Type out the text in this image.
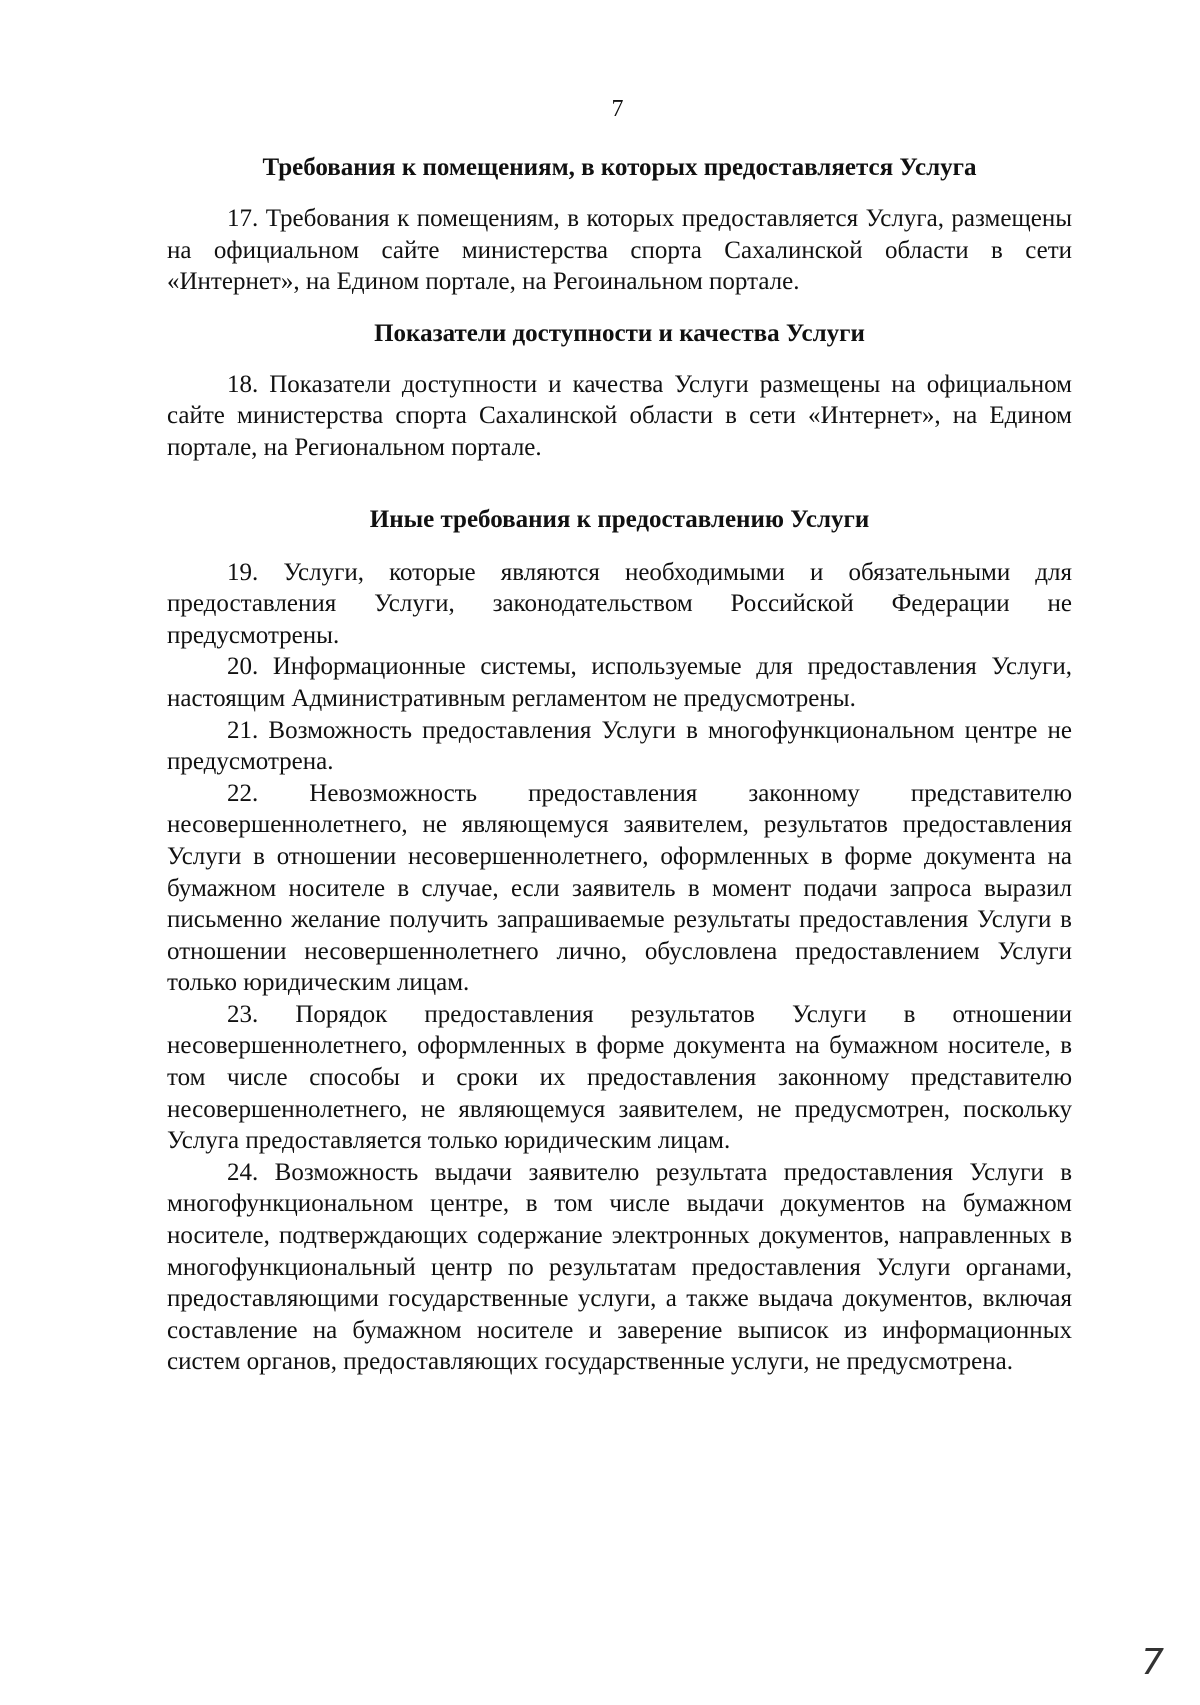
7
Требования к помещениям, в которых предоставляется Услуга

17. Требования к помещениям, в которых предоставляется Услуга, размещены на официальном сайте министерства спорта Сахалинской области в сети «Интернет», на Едином портале, на Регоинальном портале.

Показатели доступности и качества Услуги

18. Показатели доступности и качества Услуги размещены на официальном сайте министерства спорта Сахалинской области в сети «Интернет», на Едином портале, на Региональном портале.

Иные требования к предоставлению Услуги

19. Услуги, которые являются необходимыми и обязательными для предоставления Услуги, законодательством Российской Федерации не предусмотрены.

20. Информационные системы, используемые для предоставления Услуги, настоящим Административным регламентом не предусмотрены.

21. Возможность предоставления Услуги в многофункциональном центре не предусмотрена.

22. Невозможность предоставления законному представителю несовершеннолетнего, не являющемуся заявителем, результатов предоставления Услуги в отношении несовершеннолетнего, оформленных в форме документа на бумажном носителе в случае, если заявитель в момент подачи запроса выразил письменно желание получить запрашиваемые результаты предоставления Услуги в отношении несовершеннолетнего лично, обусловлена предоставлением Услуги только юридическим лицам.

23. Порядок предоставления результатов Услуги в отношении несовершеннолетнего, оформленных в форме документа на бумажном носителе, в том числе способы и сроки их предоставления законному представителю несовершеннолетнего, не являющемуся заявителем, не предусмотрен, поскольку Услуга предоставляется только юридическим лицам.

24. Возможность выдачи заявителю результата предоставления Услуги в многофункциональном центре, в том числе выдачи документов на бумажном носителе, подтверждающих содержание электронных документов, направленных в многофункциональный центр по результатам предоставления Услуги органами, предоставляющими государственные услуги, а также выдача документов, включая составление на бумажном носителе и заверение выписок из информационных систем органов, предоставляющих государственные услуги, не предусмотрена.

7
